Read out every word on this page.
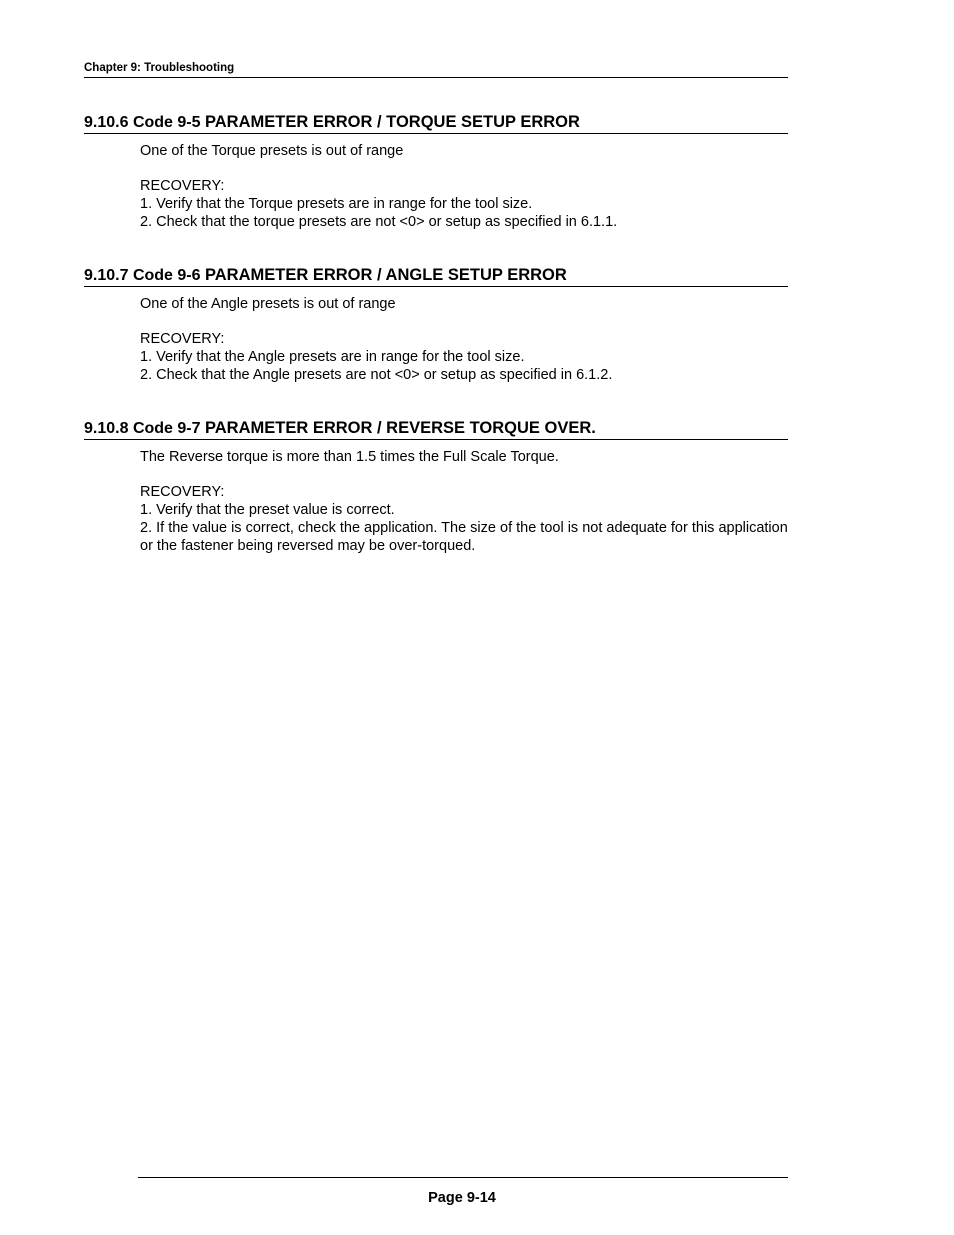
Chapter 9: Troubleshooting
9.10.6 Code 9-5 PARAMETER ERROR / TORQUE SETUP ERROR

One of the Torque presets is out of range

RECOVERY:

1. Verify that the Torque presets are in range for the tool size.

2. Check that the torque presets are not <0> or setup as specified in 6.1.1.

9.10.7 Code 9-6 PARAMETER ERROR / ANGLE SETUP ERROR

One of the Angle presets is out of range

RECOVERY:

1. Verify that the Angle presets are in range for the tool size.

2. Check that the Angle presets are not <0> or setup as specified in 6.1.2.

9.10.8 Code 9-7 PARAMETER ERROR / REVERSE TORQUE OVER.

The Reverse torque is more than 1.5 times the Full Scale Torque.

RECOVERY:

1. Verify that the preset value is correct.

2. If the value is correct, check the application. The size of the tool is not adequate for this application or the fastener being reversed may be over-torqued.

Page 9-14
